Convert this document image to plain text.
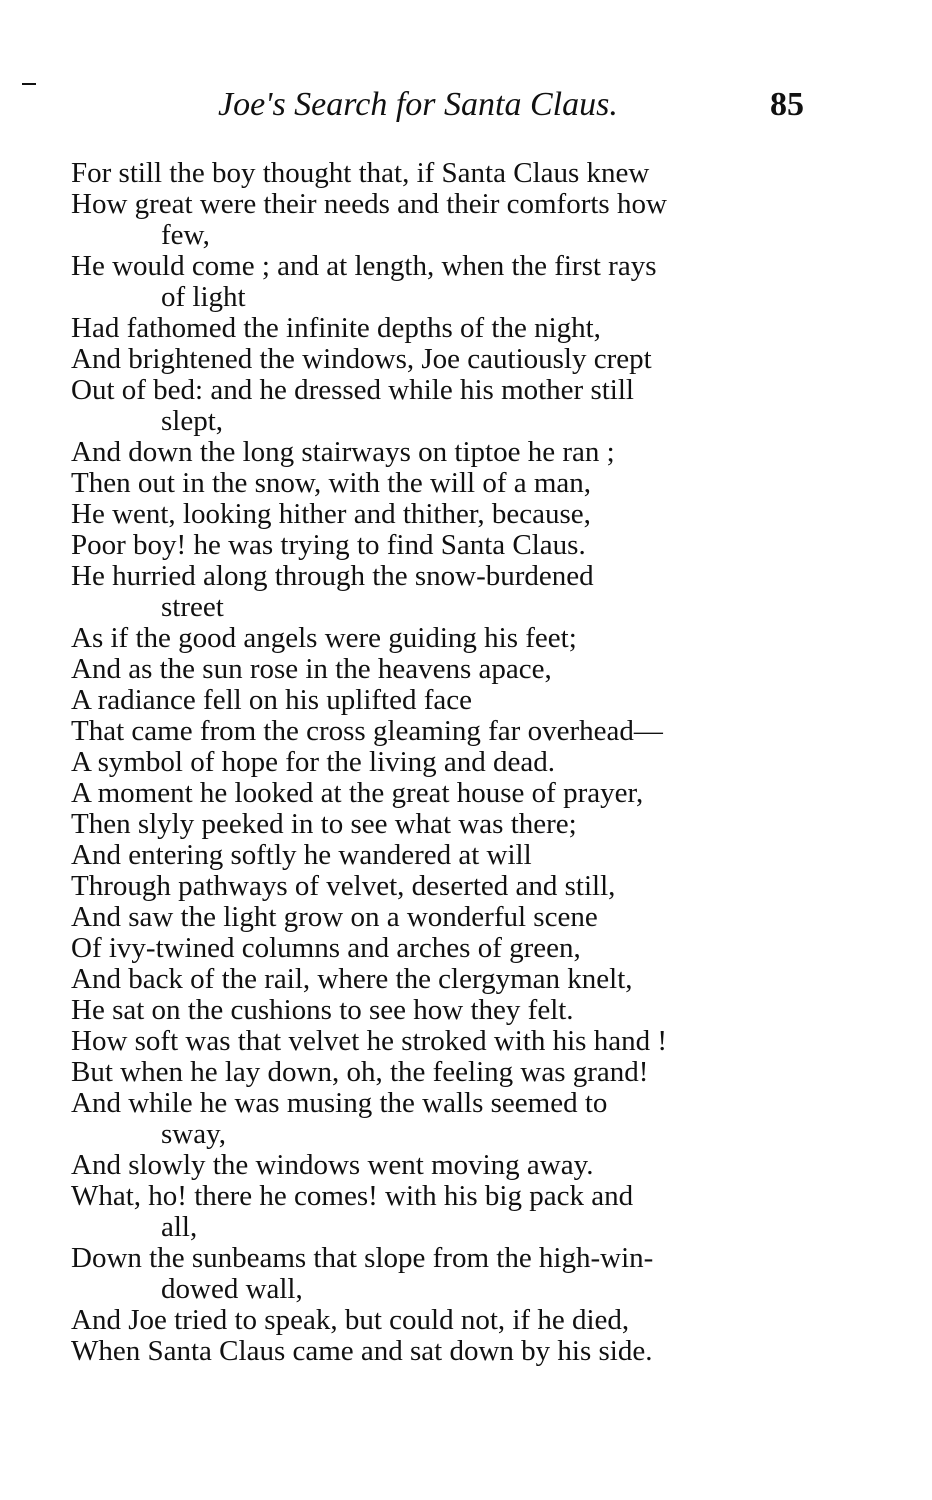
Joe's Search for Santa Claus.	85
For still the boy thought that, if Santa Claus knew
How great were their needs and their comforts how
few,
He would come ; and at length, when the first rays
of light
Had fathomed the infinite depths of the night,
And brightened the windows, Joe cautiously crept
Out of bed: and he dressed while his mother still
slept,
And down the long stairways on tiptoe he ran ;
Then out in the snow, with the will of a man,
He went, looking hither and thither, because,
Poor boy! he was trying to find Santa Claus.
He hurried along through the snow-burdened
street
As if the good angels were guiding his feet;
And as the sun rose in the heavens apace,
A radiance fell on his uplifted face
That came from the cross gleaming far overhead—
A symbol of hope for the living and dead.
A moment he looked at the great house of prayer,
Then slyly peeked in to see what was there;
And entering softly he wandered at will
Through pathways of velvet, deserted and still,
And saw the light grow on a wonderful scene
Of ivy-twined columns and arches of green,
And back of the rail, where the clergyman knelt,
He sat on the cushions to see how they felt.
How soft was that velvet he stroked with his hand !
But when he lay down, oh, the feeling was grand!
And while he was musing the walls seemed to
sway,
And slowly the windows went moving away.
What, ho! there he comes! with his big pack and
all,
Down the sunbeams that slope from the high-win-
dowed wall,
And Joe tried to speak, but could not, if he died,
When Santa Claus came and sat down by his side.
